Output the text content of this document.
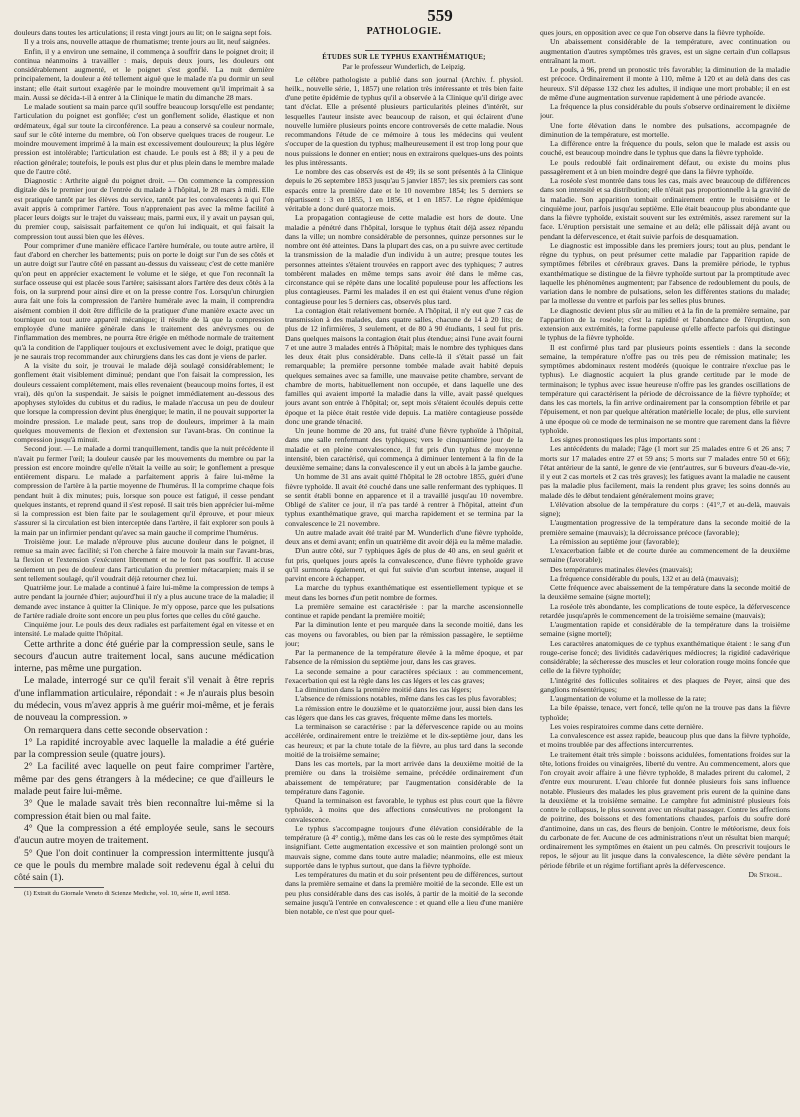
559
PATHOLOGIE.

douleurs dans toutes les articulations; il resta vingt jours au lit; on le saigna sept fois.

Il y a trois ans, nouvelle attaque de rhumatisme; trente jours au lit, neuf saignées.

Enfin, il y a environ une semaine, il commença à souffrir dans le poignet droit; il continua néanmoins à travailler : mais, depuis deux jours, les douleurs ont considérablement augmenté, et le poignet s'est gonflé. La nuit dernière principalement, la douleur a été tellement aiguë que le malade n'a pu dormir un seul instant; elle était surtout exagérée par le moindre mouvement qu'il imprimait à sa main. Aussi se décida-t-il à entrer à la Clinique le matin du dimanche 28 mars.

Le malade soutient sa main parce qu'il souffre beaucoup lorsqu'elle est pendante; l'articulation du poignet est gonflée; c'est un gonflement solide, élastique et non œdémateux, égal sur toute la circonférence. La peau a conservé sa couleur normale, sauf sur le côté interne du membre, où l'on observe quelques traces de rougeur. Le moindre mouvement imprimé à la main est excessivement douloureux; la plus légère pression est intolérable; l'articulation est chaude. Le pouls est à 88; il y a peu de réaction générale; toutefois, le pouls est plus dur et plus plein dans le membre malade que de l'autre côté.

Diagnostic : Arthrite aiguë du poignet droit. — On commence la compression digitale dès le premier jour de l'entrée du malade à l'hôpital, le 28 mars à midi. Elle est pratiquée tantôt par les élèves du service, tantôt par les convalescents à qui l'on avait appris à comprimer l'artère. Tous n'apprenaient pas avec la même facilité à placer leurs doigts sur le trajet du vaisseau; mais, parmi eux, il y avait un paysan qui, du premier coup, saisissait parfaitement ce qu'on lui indiquait, et qui faisait la compression tout aussi bien que les élèves.

Pour comprimer d'une manière efficace l'artère humérale, ou toute autre artère, il faut d'abord en chercher les battements; puis on porte le doigt sur l'un de ses côtés et un autre doigt sur l'autre côté en passant au-dessus du vaisseau; c'est de cette manière qu'on peut en apprécier exactement le volume et le siége, et que l'on reconnaît la surface osseuse qui est placée sous l'artère; saisissant alors l'artère des deux côtés à la fois, on la surprend pour ainsi dire et on la presse contre l'os. Lorsqu'un chirurgien aura fait une fois la compression de l'artère humérale avec la main, il comprendra aisément combien il doit être difficile de la pratiquer d'une manière exacte avec un tourniquet ou tout autre appareil mécanique; il résulte de là que la compression employée d'une manière générale dans le traitement des anévrysmes ou de l'inflammation des membres, ne pourra être érigée en méthode normale de traitement qu'à la condition de l'appliquer toujours et exclusivement avec le doigt, pratique que je ne saurais trop recommander aux chirurgiens dans les cas dont je viens de parler.

A la visite du soir, je trouvai le malade déjà soulagé considérablement; le gonflement était visiblement diminué; pendant que l'on faisait la compression, les douleurs cessaient complétement, mais elles revenaient (beaucoup moins fortes, il est vrai), dès qu'on la suspendait. Je saisis le poignet immédiatement au-dessous des apophyses styloïdes du cubitus et du radius, le malade n'accusa un peu de douleur que lorsque la compression devint plus énergique; le matin, il ne pouvait supporter la moindre pression. Le malade peut, sans trop de douleurs, imprimer à la main quelques mouvements de flexion et d'extension sur l'avant-bras. On continue la compression jusqu'à minuit.

Second jour. — Le malade a dormi tranquillement, tandis que la nuit précédente il n'avait pu fermer l'œil; la douleur causée par les mouvements du membre ou par la pression est encore moindre qu'elle n'était la veille au soir; le gonflement a presque entièrement disparu. Le malade a parfaitement appris à faire lui-même la compression de l'artère à la partie moyenne de l'humérus. Il la comprime chaque fois pendant huit à dix minutes; puis, lorsque son pouce est fatigué, il cesse pendant quelques instants, et reprend quand il s'est reposé. Il sait très bien apprécier lui-même si la compression est bien faite par le soulagement qu'il éprouve, et pour mieux s'assurer si la circulation est bien interceptée dans l'artère, il fait explorer son pouls à la main par un infirmier pendant qu'avec sa main gauche il comprime l'humérus.

Troisième jour. Le malade n'éprouve plus aucune douleur dans le poignet, il remue sa main avec facilité; si l'on cherche à faire mouvoir la main sur l'avant-bras, la flexion et l'extension s'exécutent librement et ne le font pas souffrir. Il accuse seulement un peu de douleur dans l'articulation du premier métacarpien; mais il se sent tellement soulagé, qu'il voudrait déjà retourner chez lui.

Quatrième jour. Le malade a continué à faire lui-même la compression de temps à autre pendant la journée d'hier; aujourd'hui il n'y a plus aucune trace de la maladie; il demande avec instance à quitter la Clinique. Je m'y oppose, parce que les pulsations de l'artère radiale droite sont encore un peu plus fortes que celles du côté gauche.

Cinquième jour. Le pouls des deux radiales est parfaitement égal en vitesse et en intensité. Le malade quitte l'hôpital.

Cette arthrite a donc été guérie par la compression seule, sans le secours d'aucun autre traitement local, sans aucune médication interne, pas même une purgation.

Le malade, interrogé sur ce qu'il ferait s'il venait à être repris d'une inflammation articulaire, répondait : « Je n'aurais plus besoin du médecin, vous m'avez appris à me guérir moi-même, et je ferais de nouveau la compression. »

On remarquera dans cette seconde observation :

1° La rapidité incroyable avec laquelle la maladie a été guérie par la compression seule (quatre jours).

2° La facilité avec laquelle on peut faire comprimer l'artère, même par des gens étrangers à la médecine; ce que d'ailleurs le malade peut faire lui-même.

3° Que le malade savait très bien reconnaître lui-même si la compression était bien ou mal faite.

4° Que la compression a été employée seule, sans le secours d'aucun autre moyen de traitement.

5° Que l'on doit continuer la compression intermittente jusqu'à ce que le pouls du membre malade soit redevenu égal à celui du côté sain (1).

(1) Extrait du Giornale Veneto di Scienze Mediche, vol. 10, série II, avril 1858.

ÉTUDES SUR LE TYPHUS EXANTHÉMATIQUE;
Par le professeur Wunderlich, de Leipzig.

Le célèbre pathologiste a publié dans son journal (Archiv. f. physiol. heilk., nouvelle série, 1, 1857) une relation très intéressante et très bien faite d'une petite épidémie de typhus qu'il a observée à la Clinique qu'il dirige avec tant d'éclat. Elle a présenté plusieurs particularités pleines d'intérêt, sur lesquelles l'auteur insiste avec beaucoup de raison, et qui éclairent d'une nouvelle lumière plusieurs points encore controversés de cette maladie. Nous recommandons l'étude de ce mémoire à tous les médecins qui veulent s'occuper de la question du typhus; malheureusement il est trop long pour que nous puissions le donner en entier; nous en extrairons quelques-uns des points les plus intéressants.

Le nombre des cas observés est de 49; ils se sont présentés à la Clinique depuis le 26 septembre 1853 jusqu'au 5 janvier 1857; les six premiers cas sont espacés entre la première date et le 10 novembre 1854; les 5 derniers se répartissent : 3 en 1855, 1 en 1856, et 1 en 1857. Le règne épidémique véritable a donc duré quatorze mois.

La propagation contagieuse de cette maladie est hors de doute. Une maladie a pénétré dans l'hôpital, lorsque le typhus était déjà assez répandu dans la ville; un nombre considérable de personnes, quinze personnes sur le nombre ont été atteintes. Dans la plupart des cas, on a pu suivre avec certitude la transmission de la maladie d'un individu à un autre; presque toutes les personnes atteintes s'étaient trouvées en rapport avec des typhiques; 7 autres tombèrent malades en même temps sans avoir été dans le même cas, circonstance qui se répète dans une localité populeuse pour les affections les plus contagieuses. Parmi les malades il en est qui étaient venus d'une région contagieuse pour les 5 derniers cas, observés plus tard.

La contagion était relativement bornée. A l'hôpital, il n'y eut que 7 cas de transmission à des malades, dans quatre salles, chacune de 14 à 20 lits; de plus de 12 infirmières, 3 seulement, et de 80 à 90 étudiants, 1 seul fut pris. Dans quelques maisons la contagion était plus étendue; ainsi l'une avait fourni 7 et une autre 3 malades entrés à l'hôpital; mais le nombre des typhiques dans les deux était plus considérable. Dans celle-là il s'était passé un fait remarquable; la première personne tombée malade avait habité depuis quelques semaines avec sa famille, une mauvaise petite chambre, servant de chambre de morts, habituellement non occupée, et dans laquelle une des familles qui avaient importé la maladie dans la ville, avait passé quelques jours avant son entrée à l'hôpital; or, sept mois s'étaient écoulés depuis cette époque et la pièce était restée vide depuis. La matière contagieuse possède donc une grande ténacité.

Un jeune homme de 20 ans, fut traité d'une fièvre typhoïde à l'hôpital, dans une salle renfermant des typhiques; vers le cinquantième jour de la maladie et en pleine convalescence, il fut pris d'un typhus de moyenne intensité, bien caractérisé, qui commença à diminuer lentement à la fin de la deuxième semaine; dans la convalescence il y eut un abcès à la jambe gauche.

Un homme de 31 ans avait quitté l'hôpital le 28 octobre 1855, guéri d'une fièvre typhoïde. Il avait été couché dans une salle renfermant des typhiques. Il se sentit établi bonne en apparence et il a travaillé jusqu'au 10 novembre. Obligé de s'aliter ce jour, il n'a pas tardé à rentrer à l'hôpital, atteint d'un typhus exanthématique grave, qui marcha rapidement et se termina par la convalescence le 21 novembre.

Un autre malade avait été traité par M. Wunderlich d'une fièvre typhoïde, deux ans et demi avant; enfin un quatrième dit avoir déjà eu la même maladie.

D'un autre côté, sur 7 typhiques âgés de plus de 40 ans, en seul guérit et fut pris, quelques jours après la convalescence, d'une fièvre typhoïde grave qu'il surmonta également, et qui fut suivie d'un scorbut intense, auquel il parvint encore à échapper.

La marche du typhus exanthématique est essentiellement typique et se meut dans les bornes d'un petit nombre de formes.

La première semaine est caractérisée : par la marche ascensionnelle continue et rapide pendant la première moitié;

Par la diminution lente et peu marquée dans la seconde moitié, dans les cas moyens ou favorables, ou bien par la rémission passagère, le septième jour;

Par la permanence de la température élevée à la même époque, et par l'absence de la rémission du septième jour, dans les cas graves.

La seconde semaine a pour caractères spéciaux : au commencement, l'exacerbation qui est la règle dans les cas légers et les cas graves;

La diminution dans la première moitié dans les cas légers;

L'absence de rémissions notables, même dans les cas les plus favorables;

La rémission entre le douzième et le quatorzième jour, aussi bien dans les cas légers que dans les cas graves, fréquente même dans les mortels.

La terminaison se caractérise : par la défervescence rapide ou au moins accélérée, ordinairement entre le treizième et le dix-septième jour, dans les cas heureux; et par la chute totale de la fièvre, au plus tard dans la seconde moitié de la troisième semaine;

Dans les cas mortels, par la mort arrivée dans la deuxième moitié de la première ou dans la troisième semaine, précédée ordinairement d'un abaissement de température; par l'augmentation considérable de la température dans l'agonie.

Quand la terminaison est favorable, le typhus est plus court que la fièvre typhoïde, à moins que des affections consécutives ne prolongent la convalescence.

Le typhus s'accompagne toujours d'une élévation considérable de la température (à 4° contig.), même dans les cas où le reste des symptômes était insignifiant. Cette augmentation excessive et son maintien prolongé sont un mauvais signe, comme dans toute autre maladie; néanmoins, elle est mieux supportée dans le typhus surtout, que dans la fièvre typhoïde.

Les températures du matin et du soir présentent peu de différences, surtout dans la première semaine et dans la première moitié de la seconde. Elle est un peu plus considérable dans des cas isolés, à partir de la moitié de la seconde semaine jusqu'à l'entrée en convalescence : et quand elle a lieu d'une manière bien notable, ce n'est que pour quel-

ques jours, en opposition avec ce que l'on observe dans la fièvre typhoïde.

Un abaissement considérable de la température, avec continuation ou augmentation d'autres symptômes très graves, est un signe certain d'un collapsus entraînant la mort.

Le pouls, à 96, prend un pronostic très favorable; la diminution de la maladie est précoce. Ordinairement il monte à 110, même à 120 et au delà dans des cas heureux. S'il dépasse 132 chez les adultes, il indique une mort probable; il en est de même d'une augmentation survenue rapidement à une période avancée.

La fréquence la plus considérable du pouls s'observe ordinairement le dixième jour.

Une forte élévation dans le nombre des pulsations, accompagnée de diminution de la température, est mortelle.

La différence entre la fréquence du pouls, selon que le malade est assis ou couché, est beaucoup moindre dans le typhus que dans la fièvre typhoïde.

Le pouls redoublé fait ordinairement défaut, ou existe du moins plus passagèrement et à un bien moindre degré que dans la fièvre typhoïde.

La roséole s'est montrée dans tous les cas, mais avec beaucoup de différences dans son intensité et sa distribution; elle n'était pas proportionnelle à la gravité de la maladie. Son apparition tombait ordinairement entre le troisième et le cinquième jour, parfois jusqu'au septième. Elle était beaucoup plus abondante que dans la fièvre typhoïde, existait souvent sur les extrémités, assez rarement sur la face. L'éruption persistait une semaine et au delà; elle pâlissait déjà avant ou pendant la défervescence, et était suivie parfois de desquamation.

Le diagnostic est impossible dans les premiers jours; tout au plus, pendant le règne du typhus, on peut présumer cette maladie par l'apparition rapide de symptômes fébriles et cérébraux graves. Dans la première période, le typhus exanthématique se distingue de la fièvre typhoïde surtout par la promptitude avec laquelle les phénomènes augmentent; par l'absence de redoublement du pouls, de variation dans le nombre de pulsations, selon les différentes stations du malade; par la mollesse du ventre et parfois par les selles plus brunes.

Le diagnostic devient plus sûr au milieu et à la fin de la première semaine, par l'apparition de la roséole; c'est la rapidité et l'abondance de l'éruption, son extension aux extrémités, la forme papuleuse qu'elle affecte parfois qui distingue le typhus de la fièvre typhoïde.

Il est confirmé plus tard par plusieurs points essentiels : dans la seconde semaine, la température n'offre pas ou très peu de rémission matinale; les symptômes abdominaux restent modérés (quoique le contraire n'exclue pas le typhus). Le diagnostic acquiert la plus grande certitude par le mode de terminaison; le typhus avec issue heureuse n'offre pas les grandes oscillations de température qui caractérisent la période de décroissance de la fièvre typhoïde; et dans les cas mortels, la fin arrive ordinairement par la consomption fébrile et par l'épuisement, et non par quelque altération matérielle locale; de plus, elle survient à une époque où ce mode de terminaison ne se montre que rarement dans la fièvre typhoïde.

Les signes pronostiques les plus importants sont :

Les antécédents du malade; l'âge (1 mort sur 25 malades entre 6 et 26 ans; 7 morts sur 17 malades entre 27 et 59 ans; 5 morts sur 7 malades entre 50 et 66); l'état antérieur de la santé, le genre de vie (entr'autres, sur 6 buveurs d'eau-de-vie, il y eut 2 cas mortels et 2 cas très graves); les fatigues avant la maladie ne causent pas la maladie plus facilement, mais la rendent plus grave; les soins donnés au malade dès le début tendaient généralement moins grave;

L'élévation absolue de la température du corps : (41°,7 et au-delà, mauvais signe);

L'augmentation progressive de la température dans la seconde moitié de la première semaine (mauvais); la décroissance précoce (favorable);

La rémission au septième jour (favorable);

L'exacerbation faible et de courte durée au commencement de la deuxième semaine (favorable);

Des températures matinales élevées (mauvais);

La fréquence considérable du pouls, 132 et au delà (mauvais);

Cette fréquence avec abaissement de la température dans la seconde moitié de la deuxième semaine (signe mortel);

La roséole très abondante, les complications de toute espèce, la défervescence retardée jusqu'après le commencement de la troisième semaine (mauvais);

L'augmentation rapide et considérable de la température dans la troisième semaine (signe mortel);

Les caractères anatomiques de ce typhus exanthématique étaient : le sang d'un rouge-cerise foncé; des lividités cadavériques médiocres; la rigidité cadavérique considérable; la sécheresse des muscles et leur coloration rouge moins foncée que celle de la fièvre typhoïde;

L'intégrité des follicules solitaires et des plaques de Peyer, ainsi que des ganglions mésentériques;

L'augmentation de volume et la mollesse de la rate;

La bile épaisse, tenace, vert foncé, telle qu'on ne la trouve pas dans la fièvre typhoïde;

Les voies respiratoires comme dans cette dernière.

La convalescence est assez rapide, beaucoup plus que dans la fièvre typhoïde, et moins troublée par des affections intercurrentes.

Le traitement était très simple : boissons acidulées, fomentations froides sur la tête, lotions froides ou vinaigrées, liberté du ventre. Au commencement, alors que l'on croyait avoir affaire à une fièvre typhoïde, 8 malades prirent du calomel, 2 d'entre eux moururent. L'eau chlorée fut donnée plusieurs fois sans influence notable. Plusieurs des malades les plus gravement pris eurent de la quinine dans la deuxième et la troisième semaine. Le camphre fut administré plusieurs fois contre le collapsus, le plus souvent avec un résultat passager. Contre les affections de poitrine, des boissons et des fomentations chaudes, parfois du soufre doré d'antimoine, dans un cas, des fleurs de benjoin. Contre le météorisme, deux fois du carbonate de fer. Aucune de ces administrations n'eut un résultat bien marqué; ordinairement les symptômes en étaient un peu calmés. On prescrivit toujours le repos, le séjour au lit jusque dans la convalescence, la diète sévère pendant la période fébrile et un régime fortifiant après la défervescence.

Dr Strohl.
